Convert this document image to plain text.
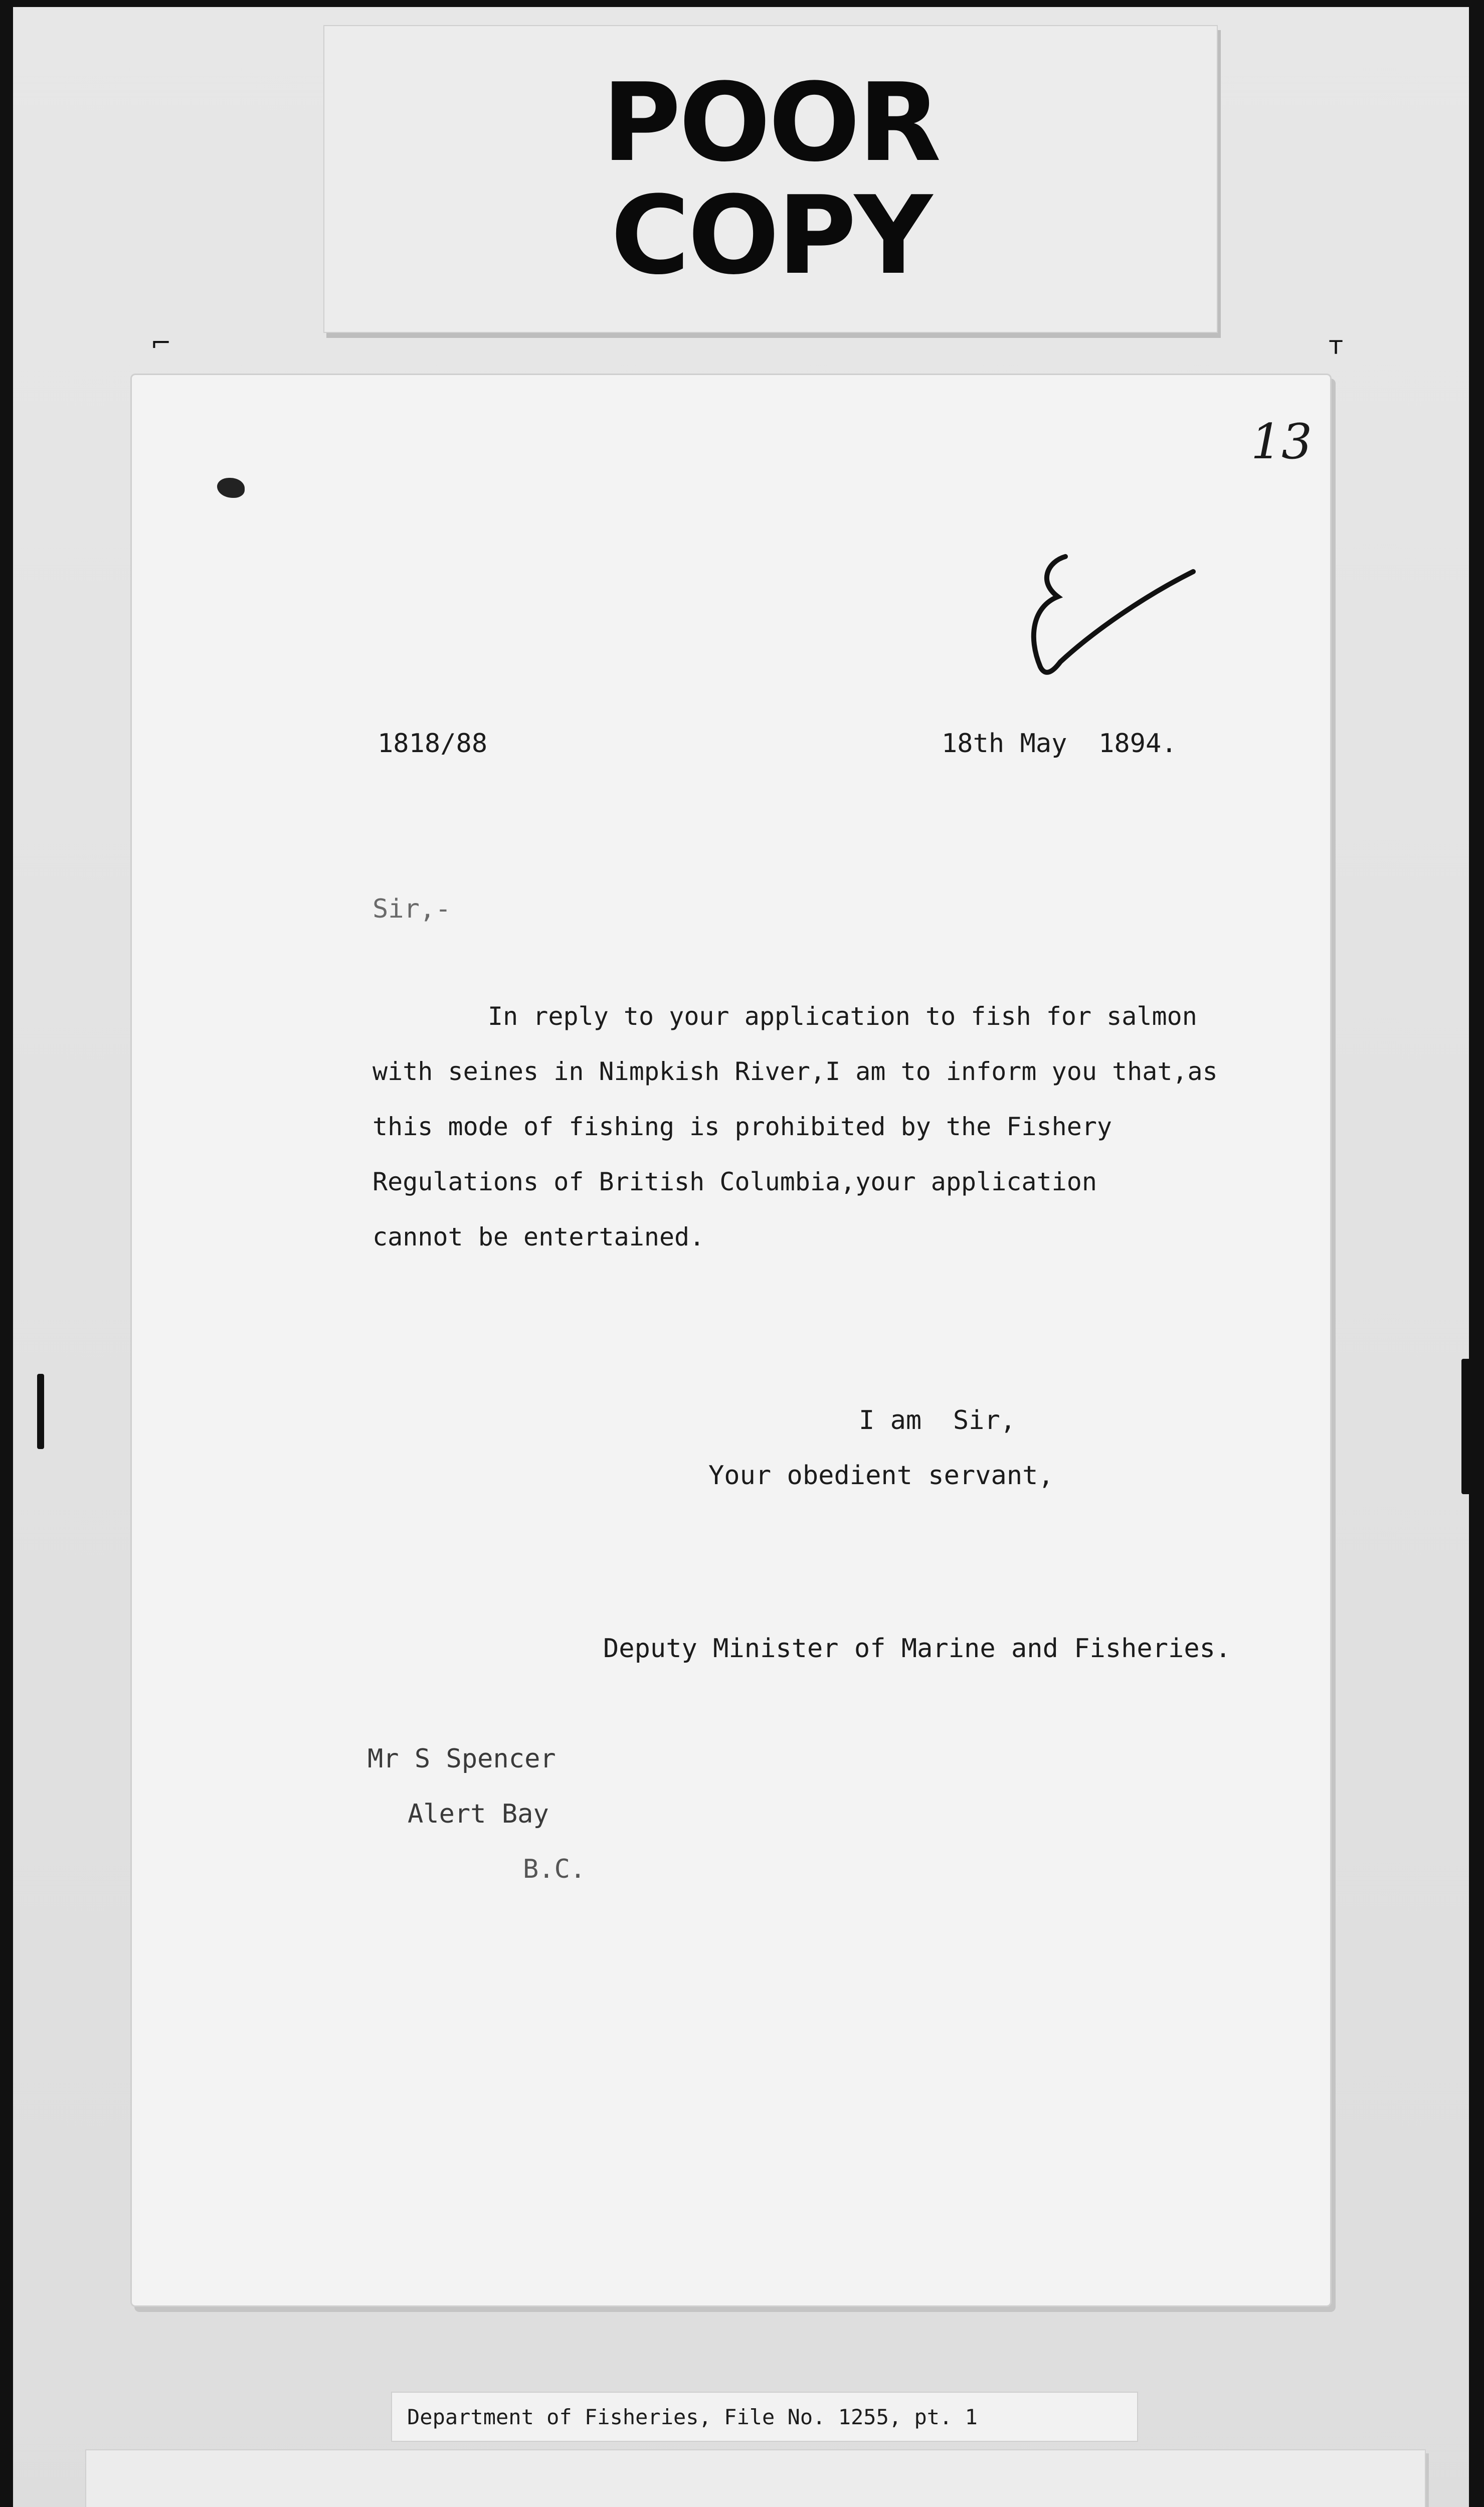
POOR
COPY
⌐	ᴛ
1818/88	18th May  1894.
Sir,-
In reply to your application to fish for salmon
with seines in Nimpkish River,I am to inform you that,as
this mode of fishing is prohibited by the Fishery
Regulations of British Columbia,your application
cannot be entertained.
I am  Sir,
Your obedient servant,
Deputy Minister of Marine and Fisheries.
Mr S Spencer
Alert Bay
B.C.
13
Department of Fisheries, File No. 1255, pt. 1
